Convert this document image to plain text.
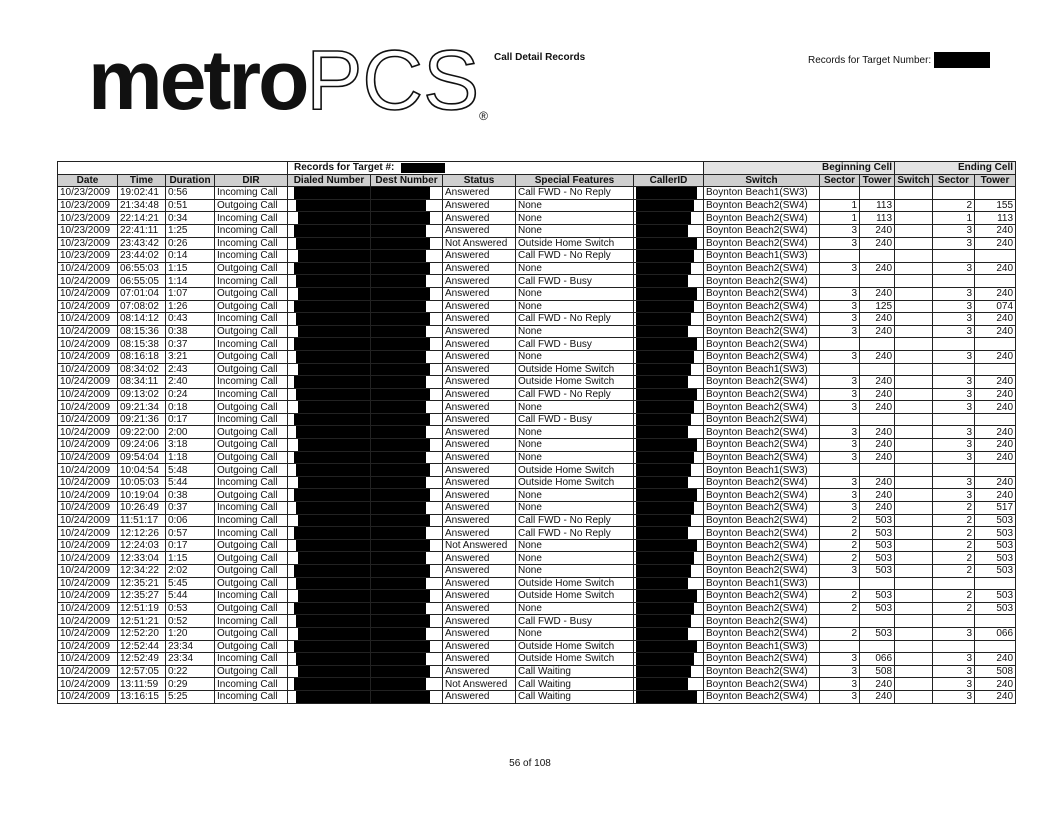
metroPCS®
Call Detail Records	Records for Target Number:
				Records for Target #:					Beginning Cell			Ending Cell		
Date	Time	Duration	DIR	Dialed Number	Dest Number	Status	Special Features	CallerID	Switch	Sector	Tower	Switch	Sector	Tower
10/23/2009	19:02:41	0:56	Incoming Call			Answered	Call FWD - No Reply		Boynton Beach1(SW3)					
10/23/2009	21:34:48	0:51	Outgoing Call			Answered	None		Boynton Beach2(SW4)	1	113		2	155
10/23/2009	22:14:21	0:34	Incoming Call			Answered	None		Boynton Beach2(SW4)	1	113		1	113
10/23/2009	22:41:11	1:25	Incoming Call			Answered	None		Boynton Beach2(SW4)	3	240		3	240
10/23/2009	23:43:42	0:26	Incoming Call			Not Answered	Outside Home Switch		Boynton Beach2(SW4)	3	240		3	240
10/23/2009	23:44:02	0:14	Incoming Call			Answered	Call FWD - No Reply		Boynton Beach1(SW3)					
10/24/2009	06:55:03	1:15	Outgoing Call			Answered	None		Boynton Beach2(SW4)	3	240		3	240
10/24/2009	06:55:05	1:14	Incoming Call			Answered	Call FWD - Busy		Boynton Beach2(SW4)					
10/24/2009	07:01:04	1:07	Outgoing Call			Answered	None		Boynton Beach2(SW4)	3	240		3	240
10/24/2009	07:08:02	1:26	Outgoing Call			Answered	None		Boynton Beach2(SW4)	3	125		3	074
10/24/2009	08:14:12	0:43	Incoming Call			Answered	Call FWD - No Reply		Boynton Beach2(SW4)	3	240		3	240
10/24/2009	08:15:36	0:38	Outgoing Call			Answered	None		Boynton Beach2(SW4)	3	240		3	240
10/24/2009	08:15:38	0:37	Incoming Call			Answered	Call FWD - Busy		Boynton Beach2(SW4)					
10/24/2009	08:16:18	3:21	Outgoing Call			Answered	None		Boynton Beach2(SW4)	3	240		3	240
10/24/2009	08:34:02	2:43	Outgoing Call			Answered	Outside Home Switch		Boynton Beach1(SW3)					
10/24/2009	08:34:11	2:40	Incoming Call			Answered	Outside Home Switch		Boynton Beach2(SW4)	3	240		3	240
10/24/2009	09:13:02	0:24	Incoming Call			Answered	Call FWD - No Reply		Boynton Beach2(SW4)	3	240		3	240
10/24/2009	09:21:34	0:18	Outgoing Call			Answered	None		Boynton Beach2(SW4)	3	240		3	240
10/24/2009	09:21:36	0:17	Incoming Call			Answered	Call FWD - Busy		Boynton Beach2(SW4)					
10/24/2009	09:22:00	2:00	Outgoing Call			Answered	None		Boynton Beach2(SW4)	3	240		3	240
10/24/2009	09:24:06	3:18	Outgoing Call			Answered	None		Boynton Beach2(SW4)	3	240		3	240
10/24/2009	09:54:04	1:18	Outgoing Call			Answered	None		Boynton Beach2(SW4)	3	240		3	240
10/24/2009	10:04:54	5:48	Outgoing Call			Answered	Outside Home Switch		Boynton Beach1(SW3)					
10/24/2009	10:05:03	5:44	Incoming Call			Answered	Outside Home Switch		Boynton Beach2(SW4)	3	240		3	240
10/24/2009	10:19:04	0:38	Outgoing Call			Answered	None		Boynton Beach2(SW4)	3	240		3	240
10/24/2009	10:26:49	0:37	Incoming Call			Answered	None		Boynton Beach2(SW4)	3	240		2	517
10/24/2009	11:51:17	0:06	Incoming Call			Answered	Call FWD - No Reply		Boynton Beach2(SW4)	2	503		2	503
10/24/2009	12:12:26	0:57	Incoming Call			Answered	Call FWD - No Reply		Boynton Beach2(SW4)	2	503		2	503
10/24/2009	12:24:03	0:17	Outgoing Call			Not Answered	None		Boynton Beach2(SW4)	2	503		2	503
10/24/2009	12:33:04	1:15	Outgoing Call			Answered	None		Boynton Beach2(SW4)	2	503		2	503
10/24/2009	12:34:22	2:02	Outgoing Call			Answered	None		Boynton Beach2(SW4)	3	503		2	503
10/24/2009	12:35:21	5:45	Outgoing Call			Answered	Outside Home Switch		Boynton Beach1(SW3)					
10/24/2009	12:35:27	5:44	Incoming Call			Answered	Outside Home Switch		Boynton Beach2(SW4)	2	503		2	503
10/24/2009	12:51:19	0:53	Outgoing Call			Answered	None		Boynton Beach2(SW4)	2	503		2	503
10/24/2009	12:51:21	0:52	Incoming Call			Answered	Call FWD - Busy		Boynton Beach2(SW4)					
10/24/2009	12:52:20	1:20	Outgoing Call			Answered	None		Boynton Beach2(SW4)	2	503		3	066
10/24/2009	12:52:44	23:34	Outgoing Call			Answered	Outside Home Switch		Boynton Beach1(SW3)					
10/24/2009	12:52:49	23:34	Incoming Call			Answered	Outside Home Switch		Boynton Beach2(SW4)	3	066		3	240
10/24/2009	12:57:05	0:22	Outgoing Call			Answered	Call Waiting		Boynton Beach2(SW4)	3	508		3	508
10/24/2009	13:11:59	0:29	Incoming Call			Not Answered	Call Waiting		Boynton Beach2(SW4)	3	240		3	240
10/24/2009	13:16:15	5:25	Incoming Call			Answered	Call Waiting		Boynton Beach2(SW4)	3	240		3	240
56 of 108
